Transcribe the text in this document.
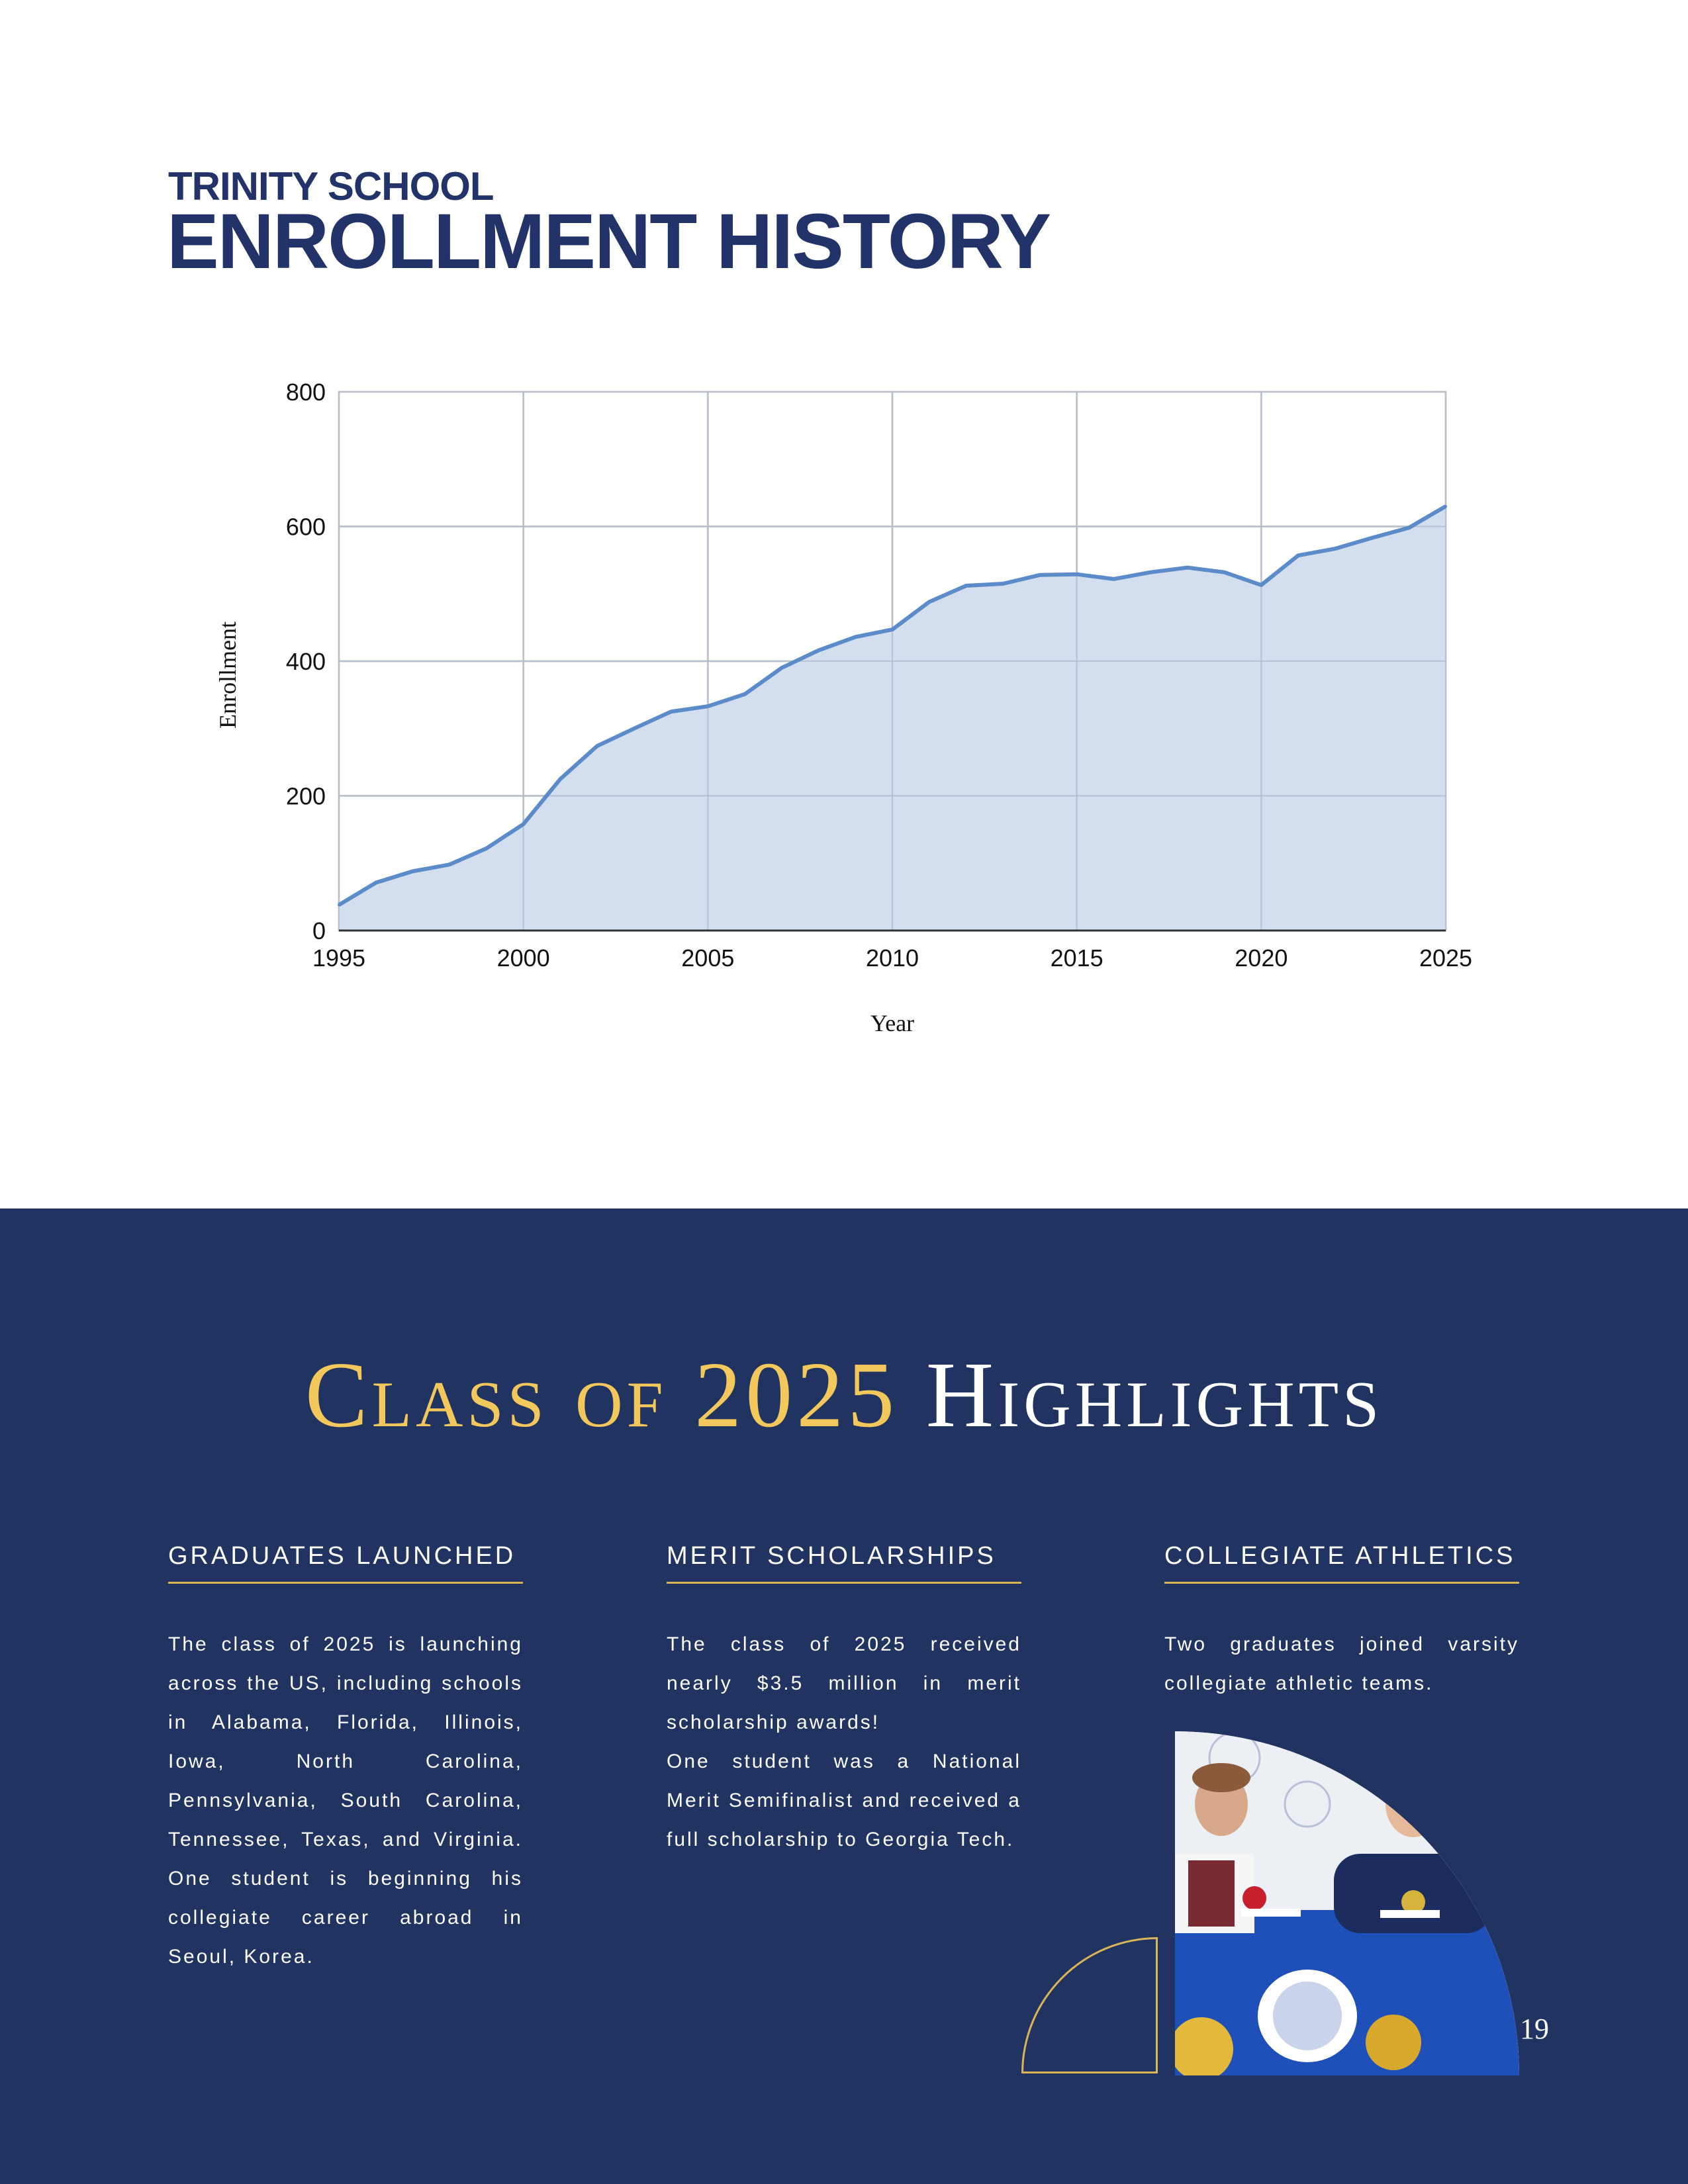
TRINITY SCHOOL
ENROLLMENT HISTORY
1995	2000	2005	2010	2015	2020	2025
0
200
400
600
800
Year
Enrollment
Class of 2025 Highlights
GRADUATES LAUNCHED

The class of 2025 is launching across the US, including schools in Alabama, Florida, Illinois, Iowa, North Carolina, Pennsylvania, South Carolina, Tennessee, Texas, and Virginia. One student is beginning his collegiate career abroad in Seoul, Korea.

MERIT SCHOLARSHIPS

The class of 2025 received nearly $3.5 million in merit scholarship awards!

One student was a National Merit Semifinalist and received a full scholarship to Georgia Tech.

COLLEGIATE ATHLETICS

Two graduates joined varsity collegiate athletic teams.

19
